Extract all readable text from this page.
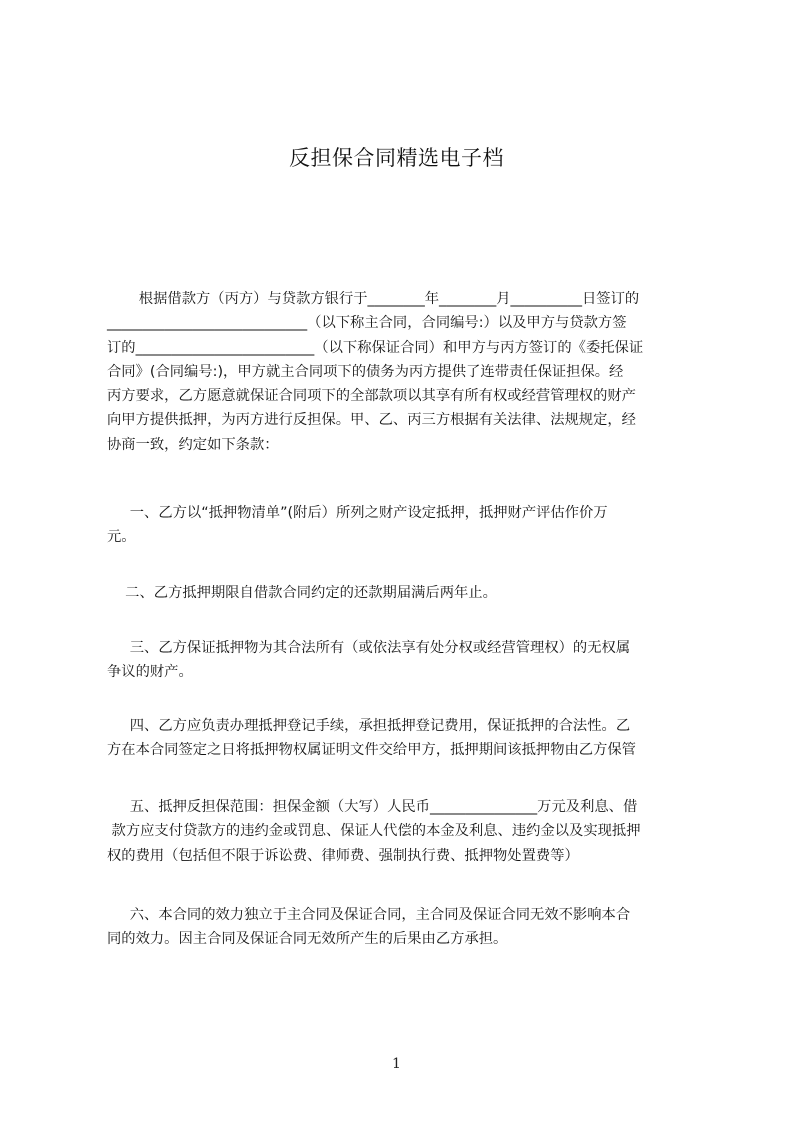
反担保合同精选电子档
根据借款方（丙方）与贷款方银行于________年________月__________日签订的
____________________________（以下称主合同，合同编号:）以及甲方与贷款方签
订的_________________________（以下称保证合同）和甲方与丙方签订的《委托保证
合同》(合同编号:)，甲方就主合同项下的债务为丙方提供了连带责任保证担保。经
丙方要求，乙方愿意就保证合同项下的全部款项以其享有所有权或经营管理权的财产
向甲方提供抵押，为丙方进行反担保。甲、乙、丙三方根据有关法律、法规规定，经
协商一致，约定如下条款：
一、乙方以“抵押物清单”(附后）所列之财产设定抵押，抵押财产评估作价万
元。
二、乙方抵押期限自借款合同约定的还款期届满后两年止。
三、乙方保证抵押物为其合法所有（或依法享有处分权或经营管理权）的无权属
争议的财产。
四、乙方应负责办理抵押登记手续，承担抵押登记费用，保证抵押的合法性。乙
方在本合同签定之日将抵押物权属证明文件交给甲方，抵押期间该抵押物由乙方保管
五、抵押反担保范围：担保金额（大写）人民币_______________万元及利息、借
款方应支付贷款方的违约金或罚息、保证人代偿的本金及利息、违约金以及实现抵押
权的费用（包括但不限于诉讼费、律师费、强制执行费、抵押物处置费等）
六、本合同的效力独立于主合同及保证合同，主合同及保证合同无效不影响本合
同的效力。因主合同及保证合同无效所产生的后果由乙方承担。
1
